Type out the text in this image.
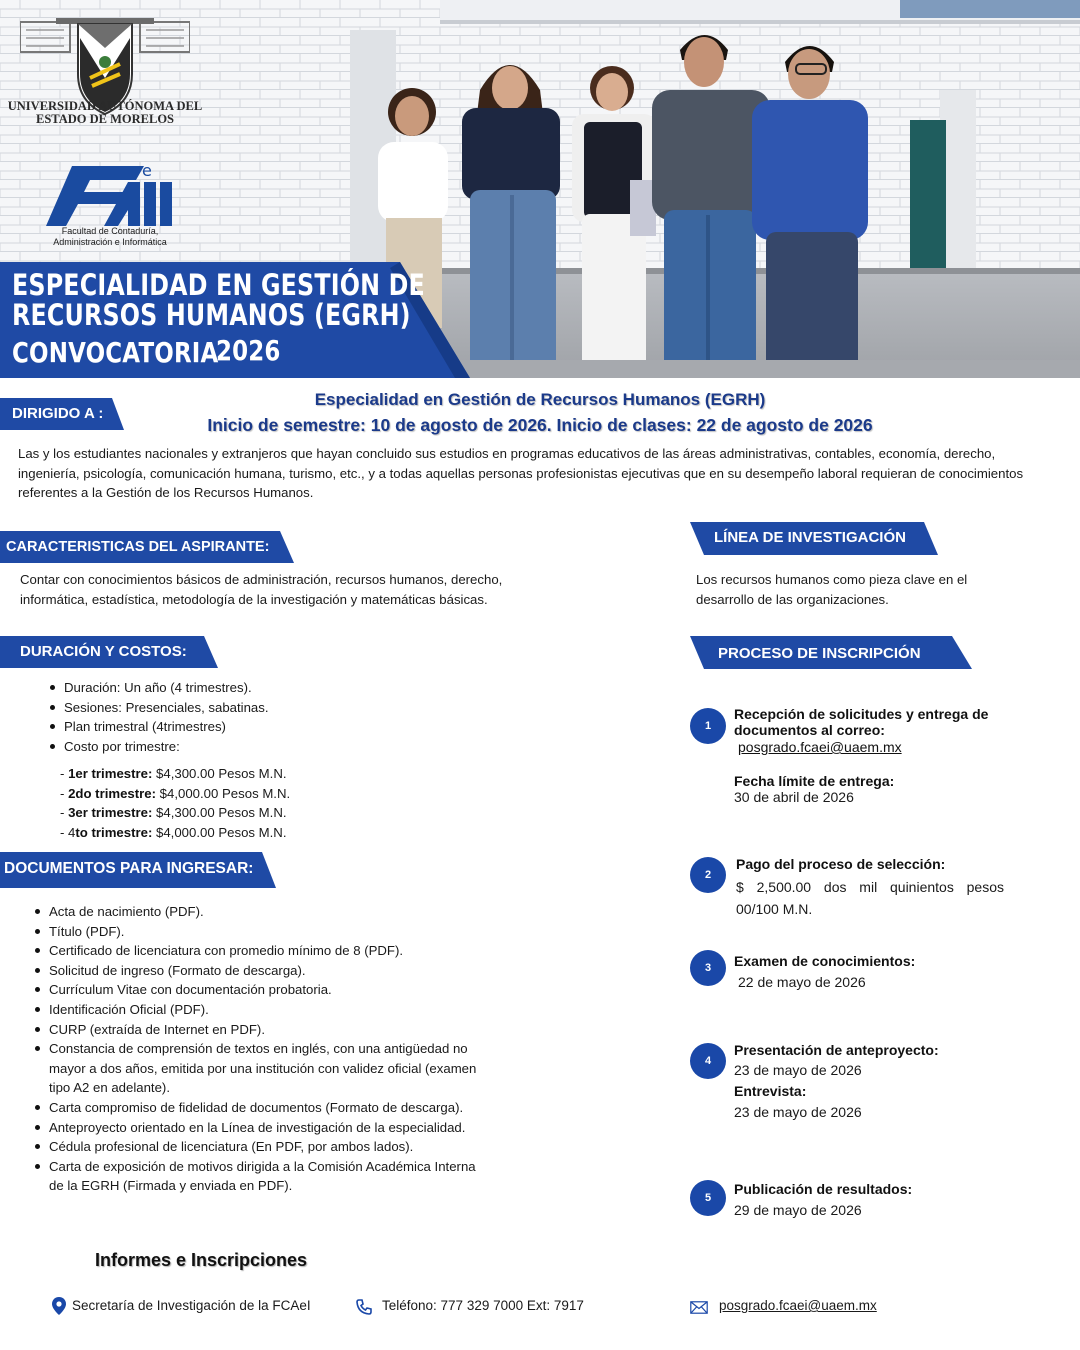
UNIVERSIDAD AUTÓNOMA DEL
ESTADO DE MORELOS
e
Facultad de Contaduría,
Administración e Informática
ESPECIALIDAD EN GESTIÓN DE
RECURSOS HUMANOS (EGRH)
CONVOCATORIA
2026
DIRIGIDO A :
Especialidad en Gestión de Recursos Humanos (EGRH)
Inicio de semestre: 10 de agosto de 2026. Inicio de clases: 22 de agosto de 2026
Las y los estudiantes nacionales y extranjeros que hayan concluido sus estudios en programas educativos de las áreas administrativas, contables, economía, derecho, ingeniería, psicología, comunicación humana, turismo, etc., y a todas aquellas personas profesionistas ejecutivas que en su desempeño laboral requieran de conocimientos referentes a la Gestión de los Recursos Humanos.
CARACTERISTICAS DEL ASPIRANTE:
Contar con conocimientos básicos de administración, recursos humanos, derecho, informática, estadística, metodología de la investigación y matemáticas básicas.
LÍNEA DE INVESTIGACIÓN
Los recursos humanos como pieza clave en el desarrollo de las organizaciones.
DURACIÓN Y COSTOS:
Duración: Un año (4 trimestres).
Sesiones: Presenciales, sabatinas.
Plan trimestral (4trimestres)
Costo por trimestre:
- 1er trimestre: $4,300.00 Pesos M.N.
- 2do trimestre: $4,000.00 Pesos M.N.
- 3er trimestre: $4,300.00 Pesos M.N.
- 4to trimestre: $4,000.00 Pesos M.N.
DOCUMENTOS PARA INGRESAR:
Acta de nacimiento (PDF).
Título (PDF).
Certificado de licenciatura con promedio mínimo de 8 (PDF).
Solicitud de ingreso (Formato de descarga).
Currículum Vitae con documentación probatoria.
Identificación Oficial (PDF).
CURP (extraída de Internet en PDF).
Constancia de comprensión de textos en inglés, con una antigüedad no mayor a dos años, emitida por una institución con validez oficial (examen tipo A2 en adelante).
Carta compromiso de fidelidad de documentos (Formato de descarga).
Anteproyecto orientado en la Línea de investigación de la especialidad.
Cédula profesional de licenciatura (En PDF, por ambos lados).
Carta de exposición de motivos dirigida a la Comisión Académica Interna de la EGRH (Firmada y enviada en PDF).
PROCESO DE INSCRIPCIÓN
1
Recepción de solicitudes y entrega de documentos al correo:
posgrado.fcaei@uaem.mx
Fecha límite de entrega:
30 de abril de 2026
2
Pago del proceso de selección:
$ 2,500.00 dos mil quinientos pesos 00/100 M.N.
3	Examen de conocimientos:
22 de mayo de 2026
4
Presentación de anteproyecto:
23 de mayo de 2026
Entrevista:
23 de mayo de 2026
5
Publicación de resultados:
29 de mayo de 2026
Informes e Inscripciones
Secretaría de Investigación de la FCAeI	Teléfono: 777 329 7000 Ext: 7917	posgrado.fcaei@uaem.mx
